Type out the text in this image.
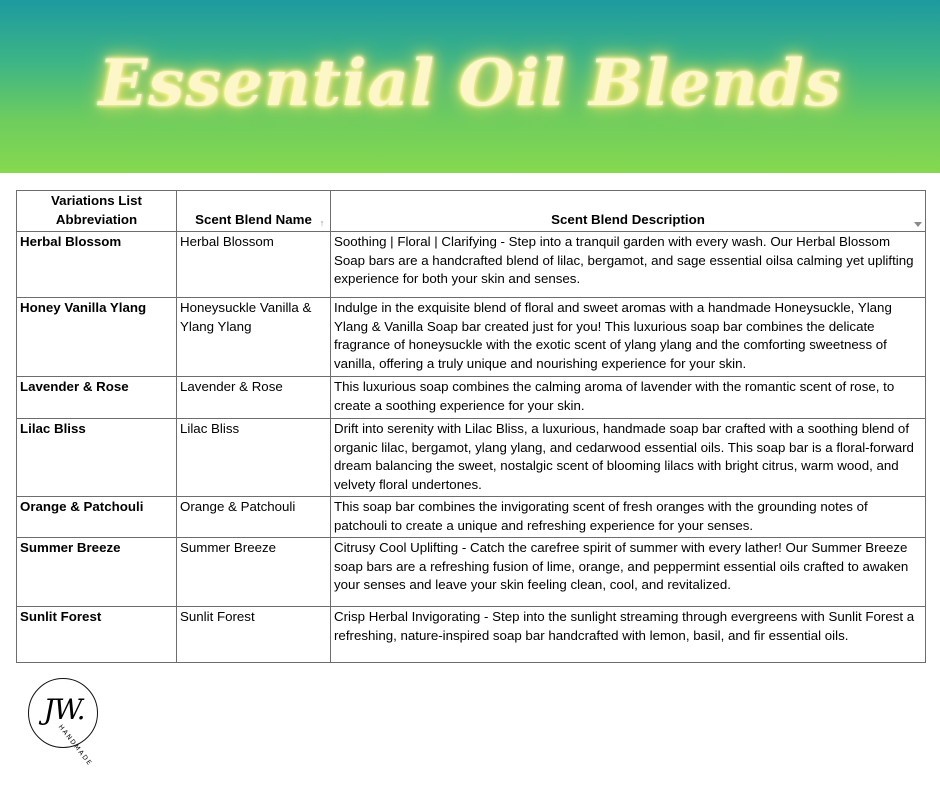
Essential Oil Blends
Variations List
Abbreviation	Scent Blend Name ↑	Scent Blend Description

Herbal Blossom	Herbal Blossom	Soothing | Floral | Clarifying - Step into a tranquil garden with every wash. Our Herbal Blossom Soap bars are a handcrafted blend of lilac, bergamot, and sage essential oilsa calming yet uplifting experience for both your skin and senses.
Honey Vanilla Ylang	Honeysuckle Vanilla & Ylang Ylang	Indulge in the exquisite blend of floral and sweet aromas with a handmade Honeysuckle, Ylang Ylang & Vanilla Soap bar created just for you! This luxurious soap bar combines the delicate fragrance of honeysuckle with the exotic scent of ylang ylang and the comforting sweetness of vanilla, offering a truly unique and nourishing experience for your skin.
Lavender & Rose	Lavender & Rose	This luxurious soap combines the calming aroma of lavender with the romantic scent of rose, to create a soothing experience for your skin.
Lilac Bliss	Lilac Bliss	Drift into serenity with Lilac Bliss, a luxurious, handmade soap bar crafted with a soothing blend of organic lilac, bergamot, ylang ylang, and cedarwood essential oils. This soap bar is a floral-forward dream balancing the sweet, nostalgic scent of blooming lilacs with bright citrus, warm wood, and velvety floral undertones.
Orange & Patchouli	Orange & Patchouli	This soap bar combines the invigorating scent of fresh oranges with the grounding notes of patchouli to create a unique and refreshing experience for your senses.
Summer Breeze	Summer Breeze	Citrusy Cool Uplifting - Catch the carefree spirit of summer with every lather! Our Summer Breeze soap bars are a refreshing fusion of lime, orange, and peppermint essential oils crafted to awaken your senses and leave your skin feeling clean, cool, and revitalized.
Sunlit Forest	Sunlit Forest	Crisp Herbal Invigorating - Step into the sunlight streaming through evergreens with Sunlit Forest a refreshing, nature-inspired soap bar handcrafted with lemon, basil, and fir essential oils.
JW.
HANDMADE
